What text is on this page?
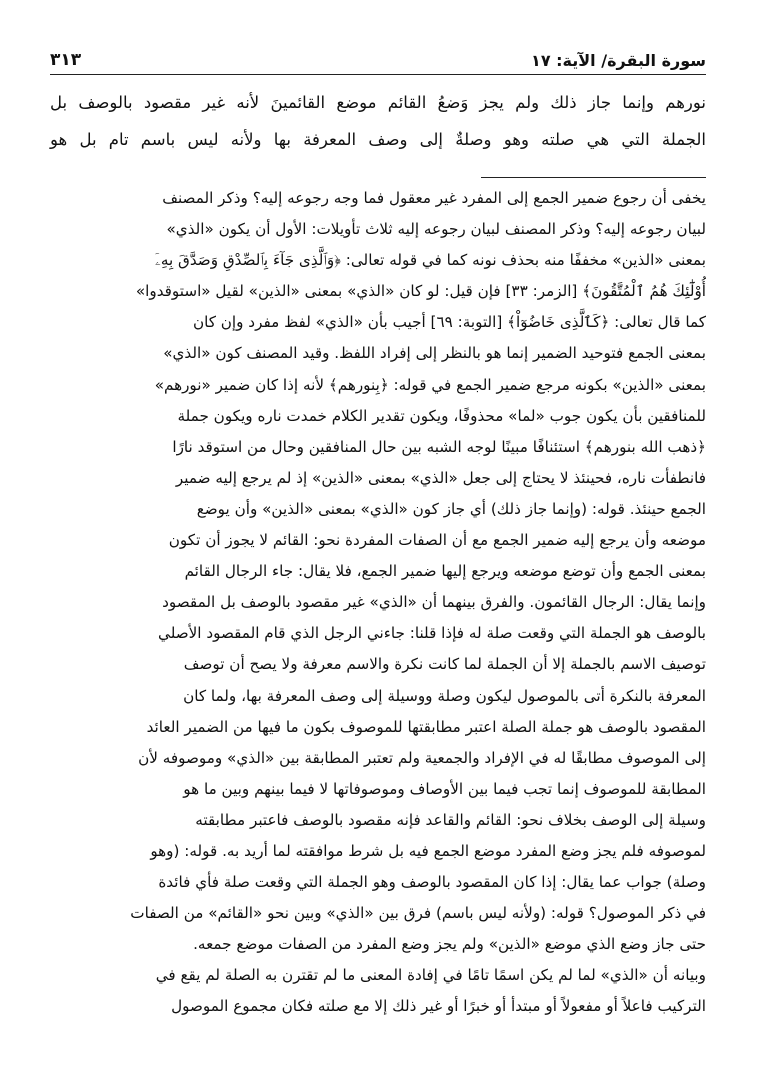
سورة البقرة/ الآية: ١٧
٣١٣

نورهم وإنما جاز ذلك ولم يجز وَضعُ القائم موضع القائمينَ لأنه غير مقصود بالوصف بل

الجملة التي هي صلته وهو وصلةٌ إلى وصف المعرفة بها ولأنه ليس باسم تام بل هو

يخفى أن رجوع ضمير الجمع إلى المفرد غير معقول فما وجه رجوعه إليه؟ وذكر المصنف

لبيان رجوعه إليه؟ وذكر المصنف لبيان رجوعه إليه ثلاث تأويلات: الأول أن يكون «الذي»

بمعنى «الذين» مخففًا منه بحذف نونه كما في قوله تعالى: ﴿وَٱلَّذِى جَآءَ بِٱلصِّدْقِ وَصَدَّقَ بِهِۦٓ

أُوْلَٰٓئِكَ هُمُ ٱلْمُتَّقُونَ﴾ [الزمر: ٣٣] فإن قيل: لو كان «الذي» بمعنى «الذين» لقيل «استوقدوا»

كما قال تعالى: ﴿كَٱلَّذِى خَاضُوٓاْ﴾ [التوبة: ٦٩] أجيب بأن «الذي» لفظ مفرد وإن كان

بمعنى الجمع فتوحيد الضمير إنما هو بالنظر إلى إفراد اللفظ. وقيد المصنف كون «الذي»

بمعنى «الذين» بكونه مرجع ضمير الجمع في قوله: ﴿بِنورهم﴾ لأنه إذا كان ضمير «نورهم»

للمنافقين بأن يكون جوب «لما» محذوفًا، ويكون تقدير الكلام خمدت ناره ويكون جملة

﴿ذهب الله بنورهم﴾ استئنافًا مبينًا لوجه الشبه بين حال المنافقين وحال من استوقد نارًا

فانطفأت ناره، فحينئذ لا يحتاج إلى جعل «الذي» بمعنى «الذين» إذ لم يرجع إليه ضمير

الجمع حينئذ. قوله: (وإنما جاز ذلك) أي جاز كون «الذي» بمعنى «الذين» وأن يوضع

موضعه وأن يرجع إليه ضمير الجمع مع أن الصفات المفردة نحو: القائم لا يجوز أن تكون

بمعنى الجمع وأن توضع موضعه ويرجع إليها ضمير الجمع، فلا يقال: جاء الرجال القائم

وإنما يقال: الرجال القائمون. والفرق بينهما أن «الذي» غير مقصود بالوصف بل المقصود

بالوصف هو الجملة التي وقعت صلة له فإذا قلنا: جاءني الرجل الذي قام المقصود الأصلي

توصيف الاسم بالجملة إلا أن الجملة لما كانت نكرة والاسم معرفة ولا يصح أن توصف

المعرفة بالنكرة أتى بالموصول ليكون وصلة ووسيلة إلى وصف المعرفة بها، ولما كان

المقصود بالوصف هو جملة الصلة اعتبر مطابقتها للموصوف بكون ما فيها من الضمير العائد

إلى الموصوف مطابقًا له في الإفراد والجمعية ولم تعتبر المطابقة بين «الذي» وموصوفه لأن

المطابقة للموصوف إنما تجب فيما بين الأوصاف وموصوفاتها لا فيما بينهم وبين ما هو

وسيلة إلى الوصف بخلاف نحو: القائم والقاعد فإنه مقصود بالوصف فاعتبر مطابقته

لموصوفه فلم يجز وضع المفرد موضع الجمع فيه بل شرط موافقته لما أريد به. قوله: (وهو

وصلة) جواب عما يقال: إذا كان المقصود بالوصف وهو الجملة التي وقعت صلة فأي فائدة

في ذكر الموصول؟ قوله: (ولأنه ليس باسم) فرق بين «الذي» وبين نحو «القائم» من الصفات

حتى جاز وضع الذي موضع «الذين» ولم يجز وضع المفرد من الصفات موضع جمعه.

وبيانه أن «الذي» لما لم يكن اسمًا تامًا في إفادة المعنى ما لم تقترن به الصلة لم يقع في

التركيب فاعلاً أو مفعولاً أو مبتدأ أو خبرًا أو غير ذلك إلا مع صلته فكان مجموع الموصول
